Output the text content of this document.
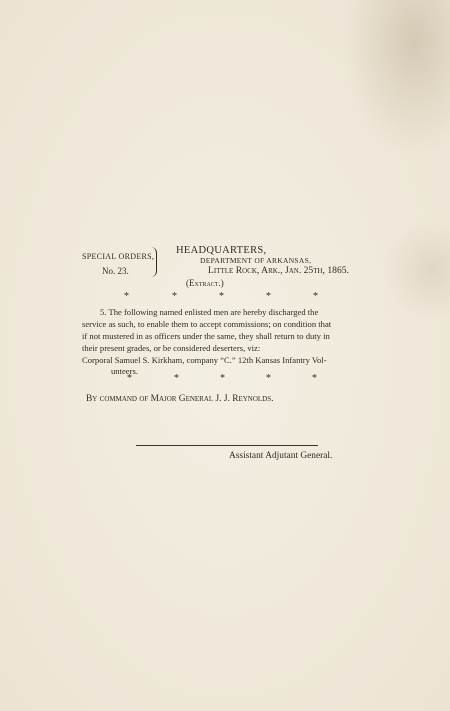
SPECIAL ORDERS,
No. 23.
HEADQUARTERS,
DEPARTMENT OF ARKANSAS,
Little Rock, Ark., Jan. 25th, 1865.
(Extract.)
*	*	*	*	*
5. The following named enlisted men are hereby discharged the
service as such, to enable them to accept commissions; on condition that
if not mustered in as officers under the same, they shall return to duty in
their present grades, or be considered deserters, viz:
Corporal Samuel S. Kirkham, company “C.” 12th Kansas Infantry Vol-
unteers.
*	*	*	*	*
By command of Major General J. J. Reynolds.
Assistant Adjutant General.
